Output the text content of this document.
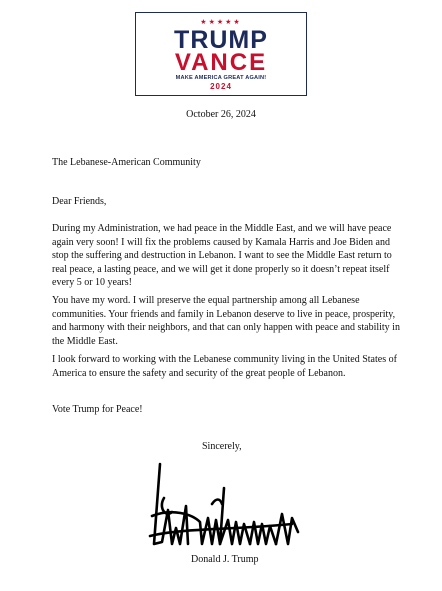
★★★★★
TRUMP
VANCE
MAKE AMERICA GREAT AGAIN!
2024
October 26, 2024
The Lebanese-American Community
Dear Friends,

During my Administration, we had peace in the Middle East, and we will have peace again very soon! I will fix the problems caused by Kamala Harris and Joe Biden and stop the suffering and destruction in Lebanon. I want to see the Middle East return to real peace, a lasting peace, and we will get it done properly so it doesn’t repeat itself every 5 or 10 years!

You have my word. I will preserve the equal partnership among all Lebanese communities. Your friends and family in Lebanon deserve to live in peace, prosperity, and harmony with their neighbors, and that can only happen with peace and stability in the Middle East.

I look forward to working with the Lebanese community living in the United States of America to ensure the safety and security of the great people of Lebanon.

Vote Trump for Peace!
Sincerely,
Donald J. Trump
